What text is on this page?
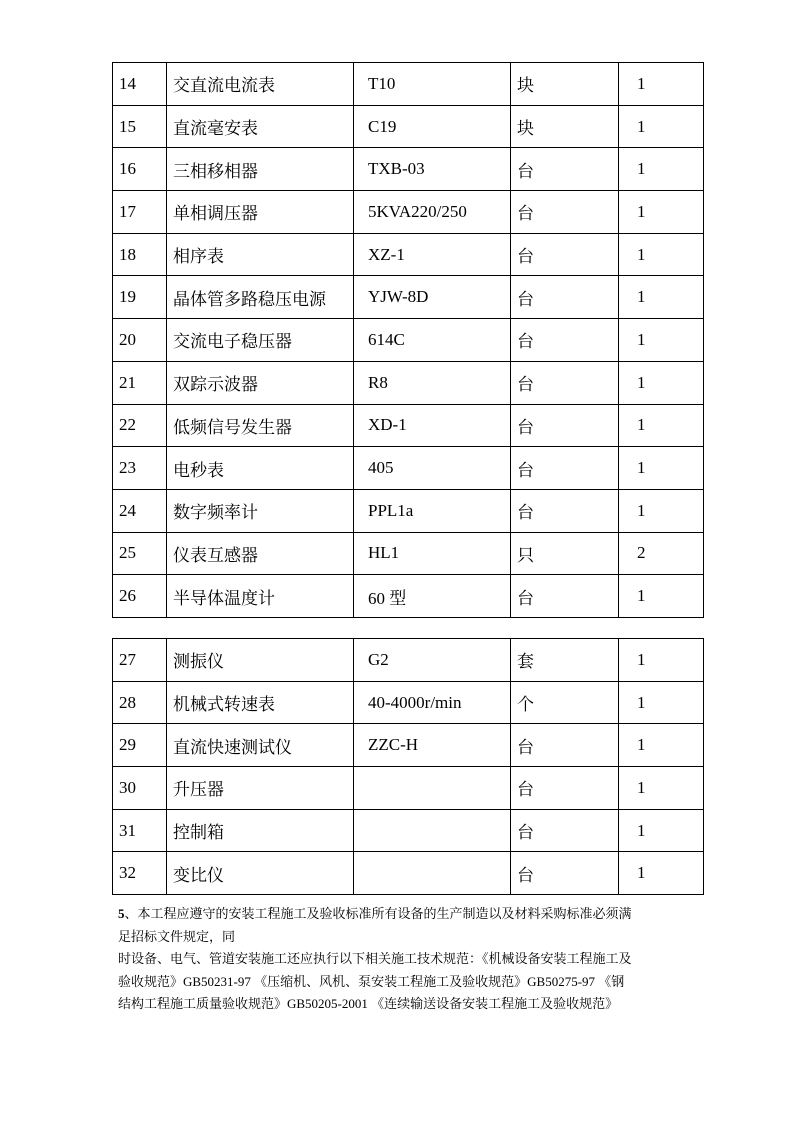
14	交直流电流表	T10	块	1
15	直流毫安表	C19	块	1
16	三相移相器	TXB-03	台	1
17	单相调压器	5KVA220/250	台	1
18	相序表	XZ-1	台	1
19	晶体管多路稳压电源	YJW-8D	台	1
20	交流电子稳压器	614C	台	1
21	双踪示波器	R8	台	1
22	低频信号发生器	XD-1	台	1
23	电秒表	405	台	1
24	数字频率计	PPL1a	台	1
25	仪表互感器	HL1	只	2
26	半导体温度计	60 型	台	1
27	测振仪	G2	套	1
28	机械式转速表	40-4000r/min	个	1
29	直流快速测试仪	ZZC-H	台	1
30	升压器		台	1
31	控制箱		台	1
32	变比仪		台	1
5、本工程应遵守的安装工程施工及验收标准所有设备的生产制造以及材料采购标准必须满
足招标文件规定，同
时设备、电气、管道安装施工还应执行以下相关施工技术规范：《机械设备安装工程施工及
验收规范》GB50231-97 《压缩机、风机、泵安装工程施工及验收规范》GB50275-97 《钢
结构工程施工质量验收规范》GB50205-2001 《连续输送设备安装工程施工及验收规范》
